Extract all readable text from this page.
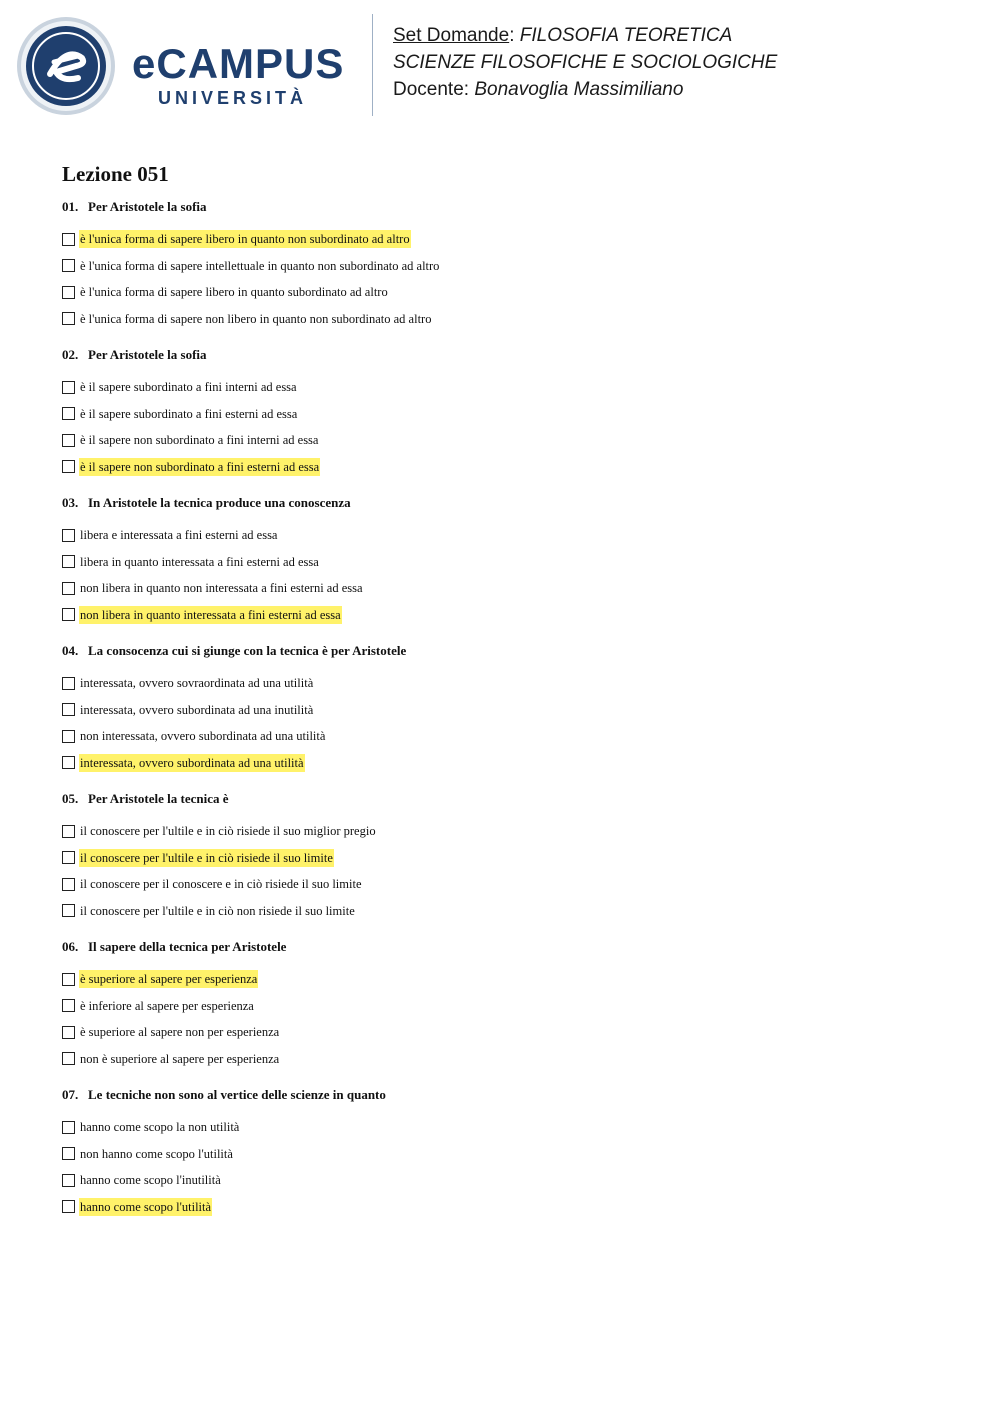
eCAMPUS
UNIVERSITÀ
Set Domande: FILOSOFIA TEORETICA
SCIENZE FILOSOFICHE E SOCIOLOGICHE
Docente: Bonavoglia Massimiliano
Lezione 051
01. Per Aristotele la sofia
è l'unica forma di sapere libero in quanto non subordinato ad altro
è l'unica forma di sapere intellettuale in quanto non subordinato ad altro
è l'unica forma di sapere libero in quanto subordinato ad altro
è l'unica forma di sapere non libero in quanto non subordinato ad altro
02. Per Aristotele la sofia
è il sapere subordinato a fini interni ad essa
è il sapere subordinato a fini esterni ad essa
è il sapere non subordinato a fini interni ad essa
è il sapere non subordinato a fini esterni ad essa
03. In Aristotele la tecnica produce una conoscenza
libera e interessata a fini esterni ad essa
libera in quanto interessata a fini esterni ad essa
non libera in quanto non interessata a fini esterni ad essa
non libera in quanto interessata a fini esterni ad essa
04. La consocenza cui si giunge con la tecnica è per Aristotele
interessata, ovvero sovraordinata ad una utilità
interessata, ovvero subordinata ad una inutilità
non interessata, ovvero subordinata ad una utilità
interessata, ovvero subordinata ad una utilità
05. Per Aristotele la tecnica è
il conoscere per l'ultile e in ciò risiede il suo miglior pregio
il conoscere per l'ultile e in ciò risiede il suo limite
il conoscere per il conoscere e in ciò risiede il suo limite
il conoscere per l'ultile e in ciò non risiede il suo limite
06. Il sapere della tecnica per Aristotele
è superiore al sapere per esperienza
è inferiore al sapere per esperienza
è superiore al sapere non per esperienza
non è superiore al sapere per esperienza
07. Le tecniche non sono al vertice delle scienze in quanto
hanno come scopo la non utilità
non hanno come scopo l'utilità
hanno come scopo l'inutilità
hanno come scopo l'utilità
